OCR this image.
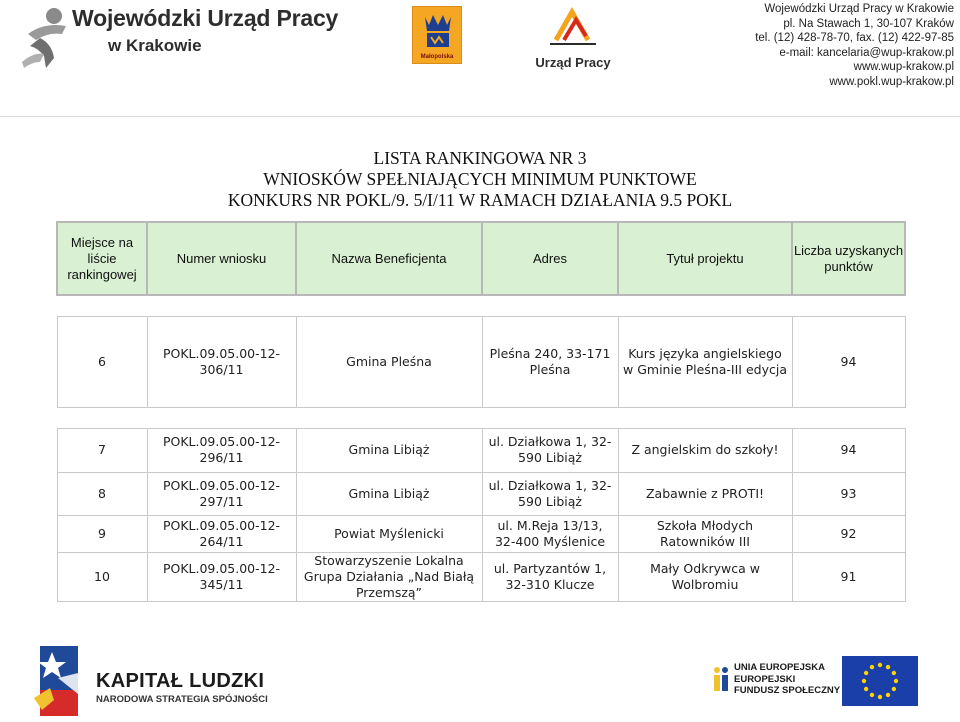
Wojewódzki Urząd Pracy
w Krakowie
Małopolska	Urząd Pracy
Wojewódzki Urząd Pracy w Krakowie
pl. Na Stawach 1, 30-107 Kraków
tel. (12) 428-78-70, fax. (12) 422-97-85
e-mail: kancelaria@wup-krakow.pl
www.wup-krakow.pl
www.pokl.wup-krakow.pl
LISTA RANKINGOWA NR 3
WNIOSKÓW SPEŁNIAJĄCYCH MINIMUM PUNKTOWE
KONKURS NR POKL/9. 5/I/11 W RAMACH DZIAŁANIA 9.5 POKL
Miejsce na liście rankingowej	Numer wniosku	Nazwa Beneficjenta	Adres	Tytuł projektu	Liczba uzyskanych punktów

6	POKL.09.05.00-12-306/11	Gmina Pleśna	Pleśna 240, 33-171 Pleśna	Kurs języka angielskiego w Gminie Pleśna-III edycja	94

7	POKL.09.05.00-12-296/11	Gmina Libiąż	ul. Działkowa 1, 32-590 Libiąż	Z angielskim do szkoły!	94
8	POKL.09.05.00-12-297/11	Gmina Libiąż	ul. Działkowa 1, 32-590 Libiąż	Zabawnie z PROTI!	93
9	POKL.09.05.00-12-264/11	Powiat Myślenicki	ul. M.Reja 13/13, 32-400 Myślenice	Szkoła Młodych Ratowników III	92
10	POKL.09.05.00-12-345/11	Stowarzyszenie Lokalna Grupa Działania „Nad Białą Przemszą”	ul. Partyzantów 1, 32-310 Klucze	Mały Odkrywca w Wolbromiu	91
KAPITAŁ LUDZKI
NARODOWA STRATEGIA SPÓJNOŚCI
UNIA EUROPEJSKA
EUROPEJSKI
FUNDUSZ SPOŁECZNY
